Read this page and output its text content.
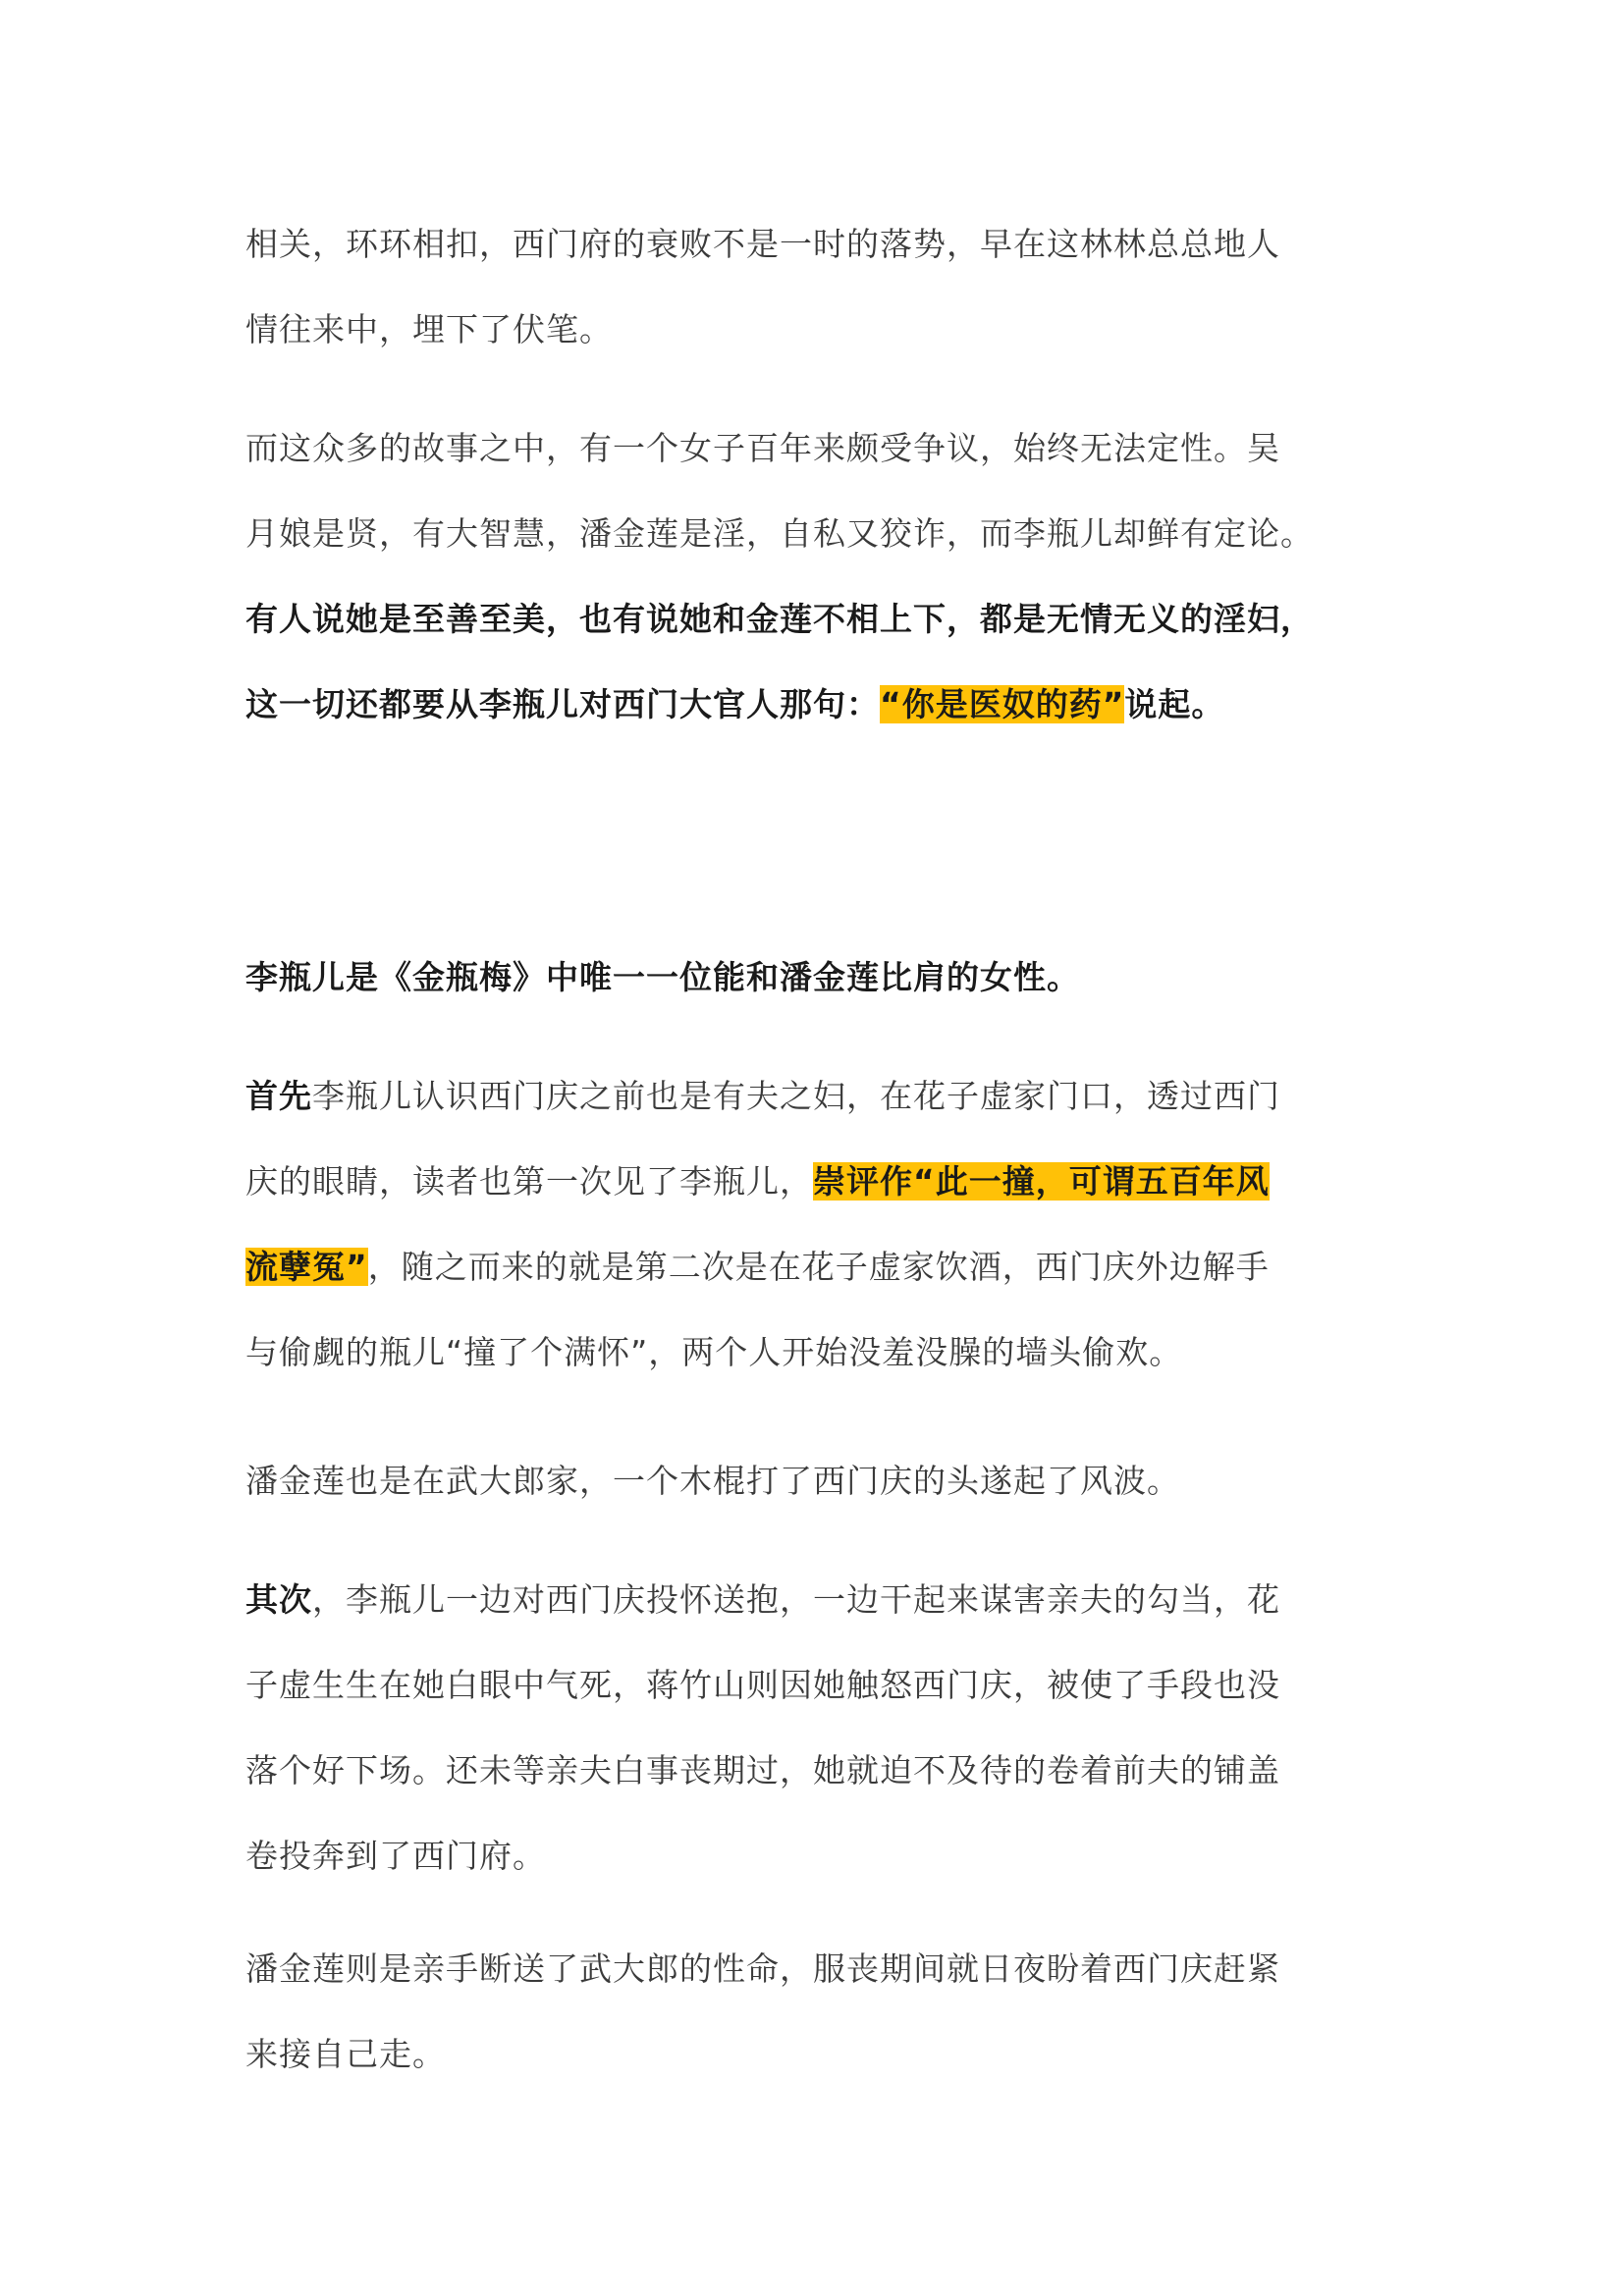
相关，环环相扣，西门府的衰败不是一时的落势，早在这林林总总地人
情往来中，埋下了伏笔。
而这众多的故事之中，有一个女子百年来颇受争议，始终无法定性。吴
月娘是贤，有大智慧，潘金莲是淫，自私又狡诈，而李瓶儿却鲜有定论。
有人说她是至善至美，也有说她和金莲不相上下，都是无情无义的淫妇，
这一切还都要从李瓶儿对西门大官人那句：“你是医奴的药”说起。
李瓶儿是《金瓶梅》中唯一一位能和潘金莲比肩的女性。
首先李瓶儿认识西门庆之前也是有夫之妇，在花子虚家门口，透过西门
庆的眼睛，读者也第一次见了李瓶儿，崇评作“此一撞，可谓五百年风
流孽冤”，随之而来的就是第二次是在花子虚家饮酒，西门庆外边解手
与偷觑的瓶儿“撞了个满怀”，两个人开始没羞没臊的墙头偷欢。
潘金莲也是在武大郎家，一个木棍打了西门庆的头遂起了风波。
其次，李瓶儿一边对西门庆投怀送抱，一边干起来谋害亲夫的勾当，花
子虚生生在她白眼中气死，蒋竹山则因她触怒西门庆，被使了手段也没
落个好下场。还未等亲夫白事丧期过，她就迫不及待的卷着前夫的铺盖
卷投奔到了西门府。
潘金莲则是亲手断送了武大郎的性命，服丧期间就日夜盼着西门庆赶紧
来接自己走。
